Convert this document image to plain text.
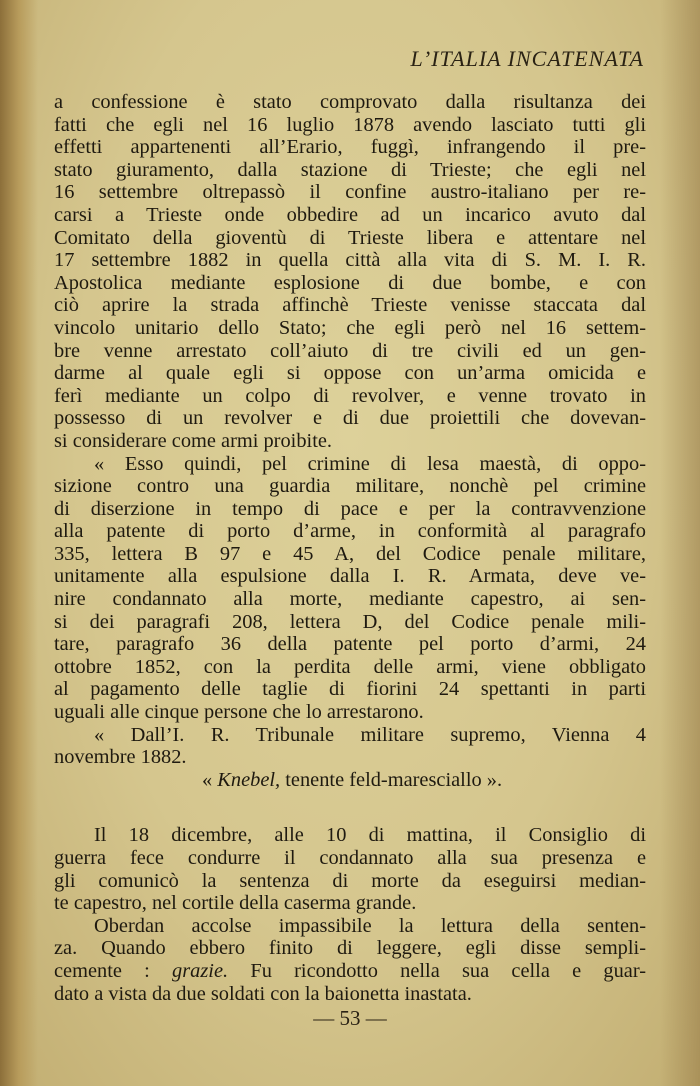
L’ITALIA INCATENATA
a confessione è stato comprovato dalla risultanza dei
fatti che egli nel 16 luglio 1878 avendo lasciato tutti gli
effetti appartenenti all’Erario, fuggì, infrangendo il pre-
stato giuramento, dalla stazione di Trieste; che egli nel
16 settembre oltrepassò il confine austro-italiano per re-
carsi a Trieste onde obbedire ad un incarico avuto dal
Comitato della gioventù di Trieste libera e attentare nel
17 settembre 1882 in quella città alla vita di S. M. I. R.
Apostolica mediante esplosione di due bombe, e con
ciò aprire la strada affinchè Trieste venisse staccata dal
vincolo unitario dello Stato; che egli però nel 16 settem-
bre venne arrestato coll’aiuto di tre civili ed un gen-
darme al quale egli si oppose con un’arma omicida e
ferì mediante un colpo di revolver, e venne trovato in
possesso di un revolver e di due proiettili che dovevan-
si considerare come armi proibite.
« Esso quindi, pel crimine di lesa maestà, di oppo-
sizione contro una guardia militare, nonchè pel crimine
di diserzione in tempo di pace e per la contravvenzione
alla patente di porto d’arme, in conformità al paragrafo
335, lettera B 97 e 45 A, del Codice penale militare,
unitamente alla espulsione dalla I. R. Armata, deve ve-
nire condannato alla morte, mediante capestro, ai sen-
si dei paragrafi 208, lettera D, del Codice penale mili-
tare, paragrafo 36 della patente pel porto d’armi, 24
ottobre 1852, con la perdita delle armi, viene obbligato
al pagamento delle taglie di fiorini 24 spettanti in parti
uguali alle cinque persone che lo arrestarono.
« Dall’I. R. Tribunale militare supremo, Vienna 4
novembre 1882.
« Knebel, tenente feld-maresciallo ».
Il 18 dicembre, alle 10 di mattina, il Consiglio di
guerra fece condurre il condannato alla sua presenza e
gli comunicò la sentenza di morte da eseguirsi median-
te capestro, nel cortile della caserma grande.
Oberdan accolse impassibile la lettura della senten-
za. Quando ebbero finito di leggere, egli disse sempli-
cemente : grazie. Fu ricondotto nella sua cella e guar-
dato a vista da due soldati con la baionetta inastata.
— 53 —
